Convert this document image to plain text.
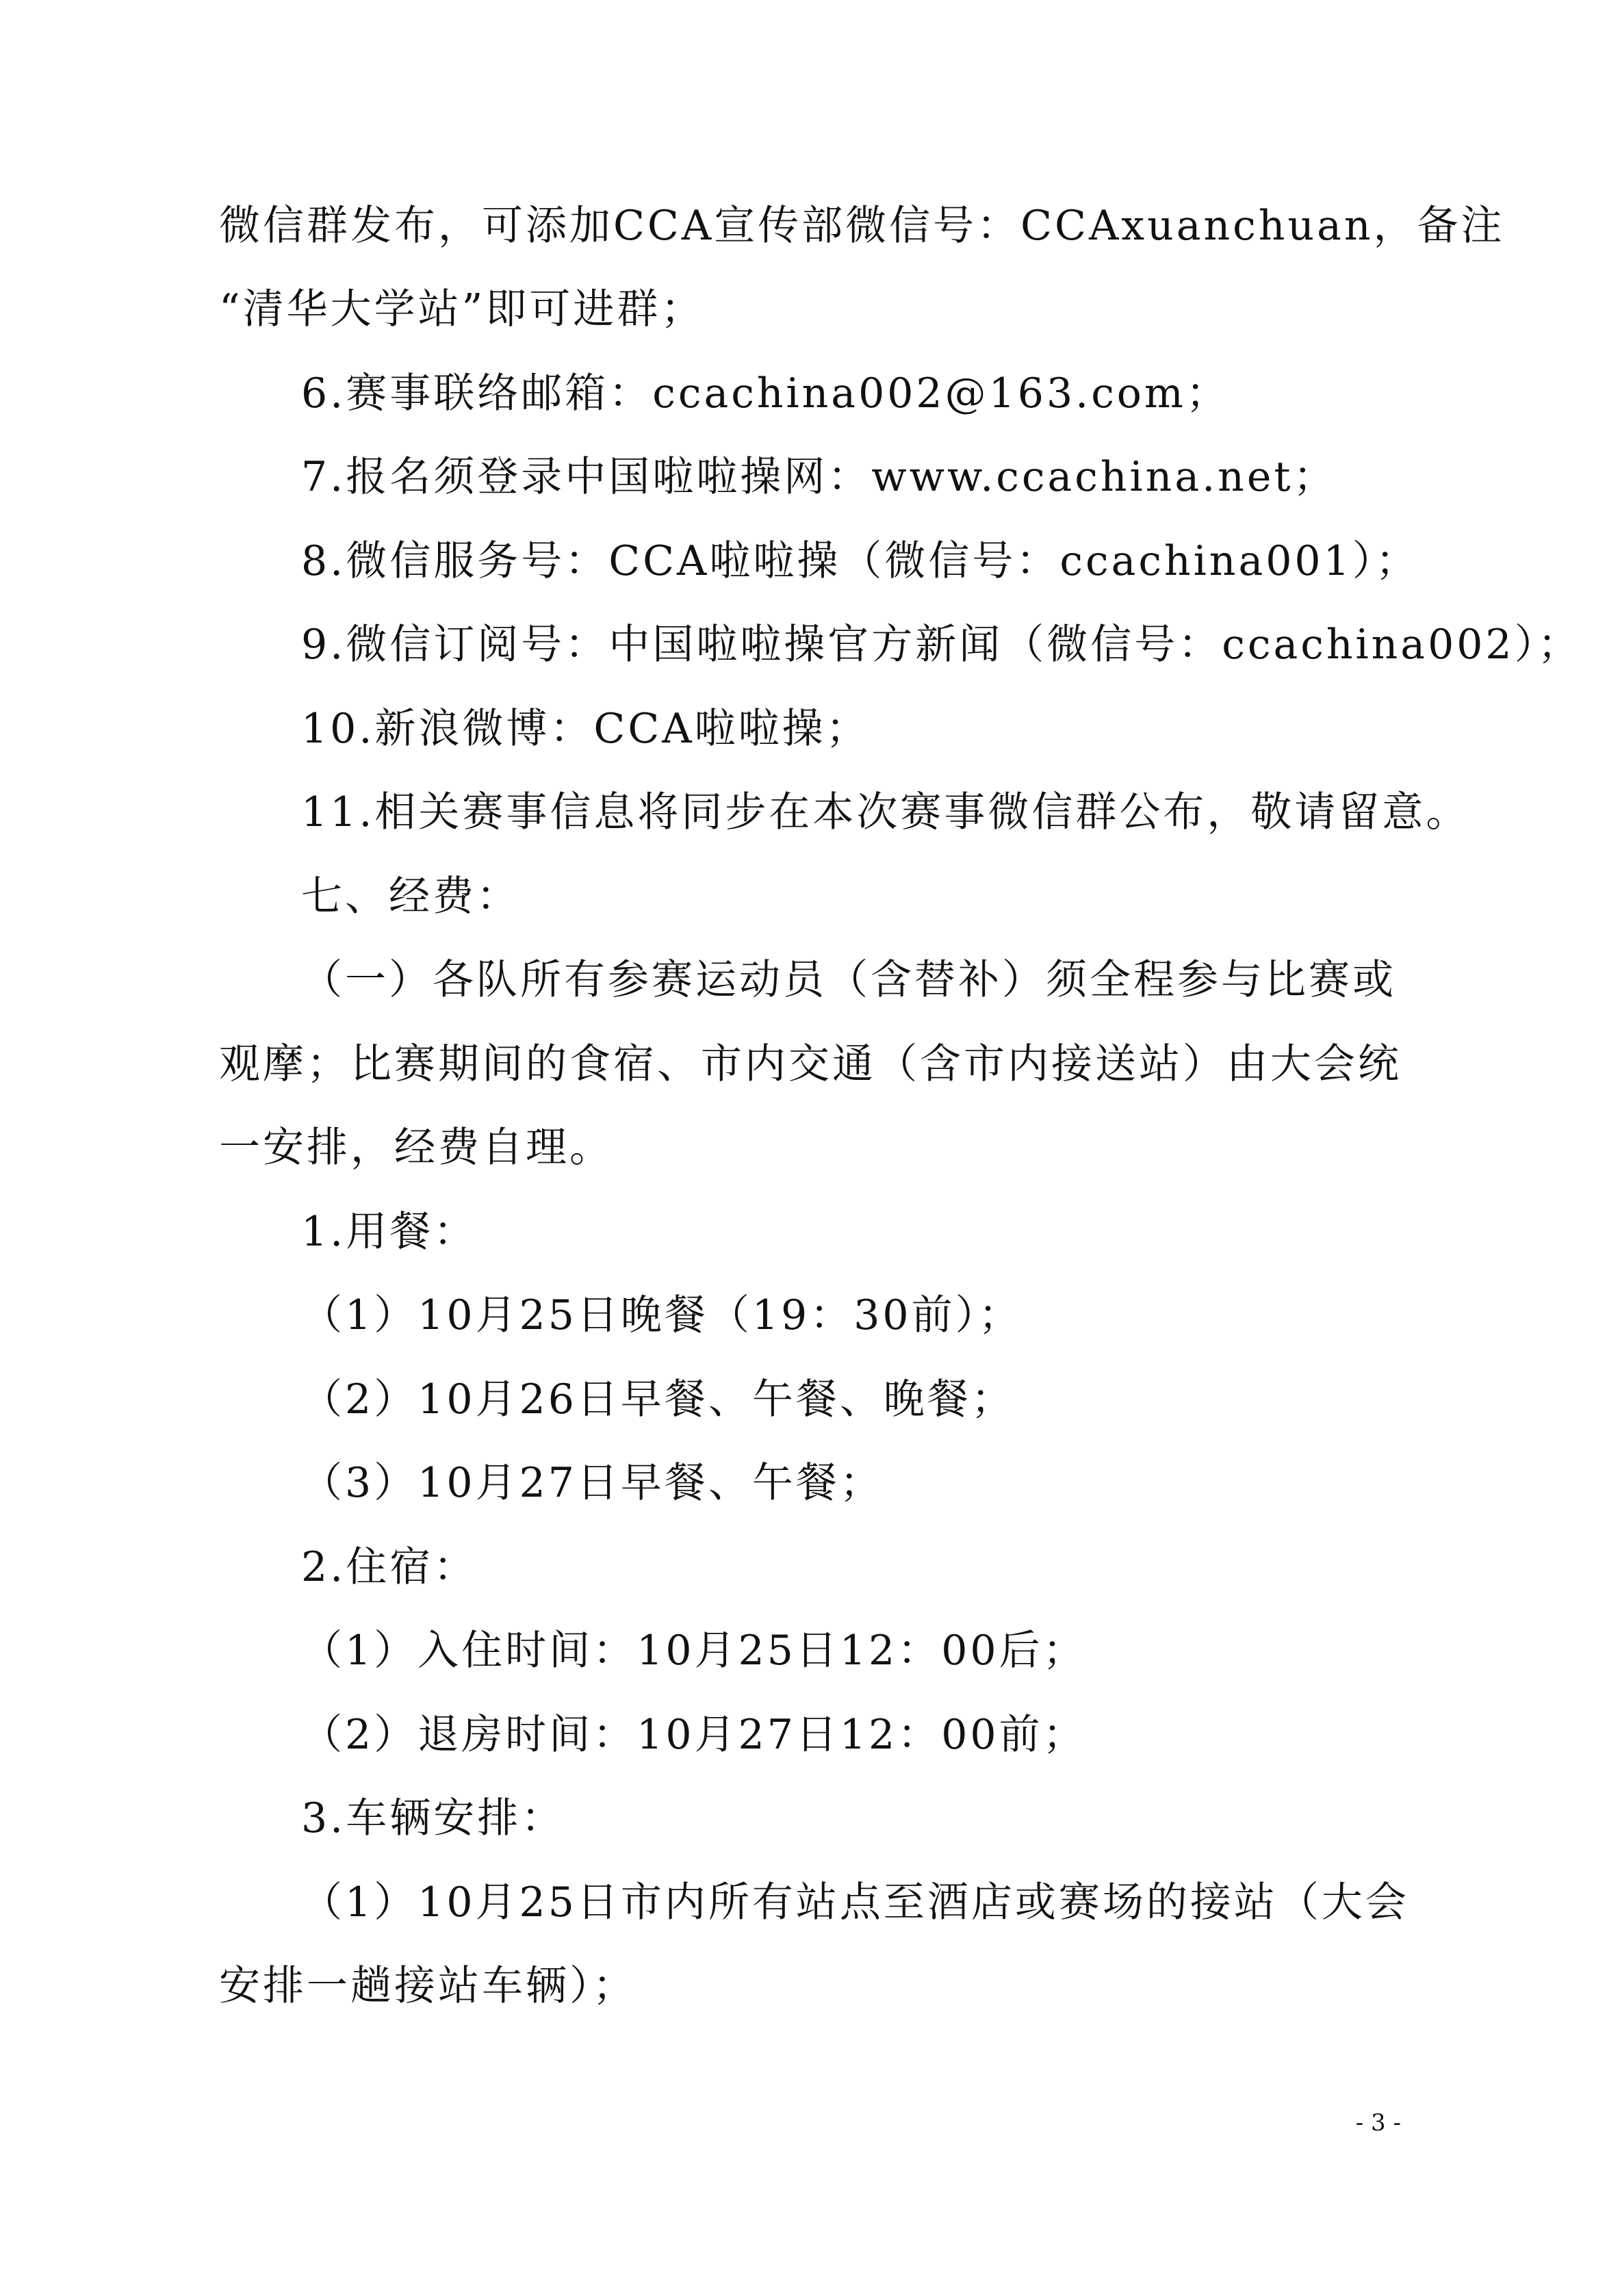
微信群发布，可添加CCA宣传部微信号：CCAxuanchuan，备注
“清华大学站”即可进群；
6.赛事联络邮箱：ccachina002@163.com；
7.报名须登录中国啦啦操网：www.ccachina.net；
8.微信服务号：CCA啦啦操（微信号：ccachina001）；
9.微信订阅号：中国啦啦操官方新闻（微信号：ccachina002）；
10.新浪微博：CCA啦啦操；
11.相关赛事信息将同步在本次赛事微信群公布，敬请留意。
七、经费：
（一）各队所有参赛运动员（含替补）须全程参与比赛或
观摩；比赛期间的食宿、市内交通（含市内接送站）由大会统
一安排，经费自理。
1.用餐：
（1）10月25日晚餐（19：30前）；
（2）10月26日早餐、午餐、晚餐；
（3）10月27日早餐、午餐；
2.住宿：
（1）入住时间：10月25日12：00后；
（2）退房时间：10月27日12：00前；
3.车辆安排：
（1）10月25日市内所有站点至酒店或赛场的接站（大会
安排一趟接站车辆）；
- 3 -
